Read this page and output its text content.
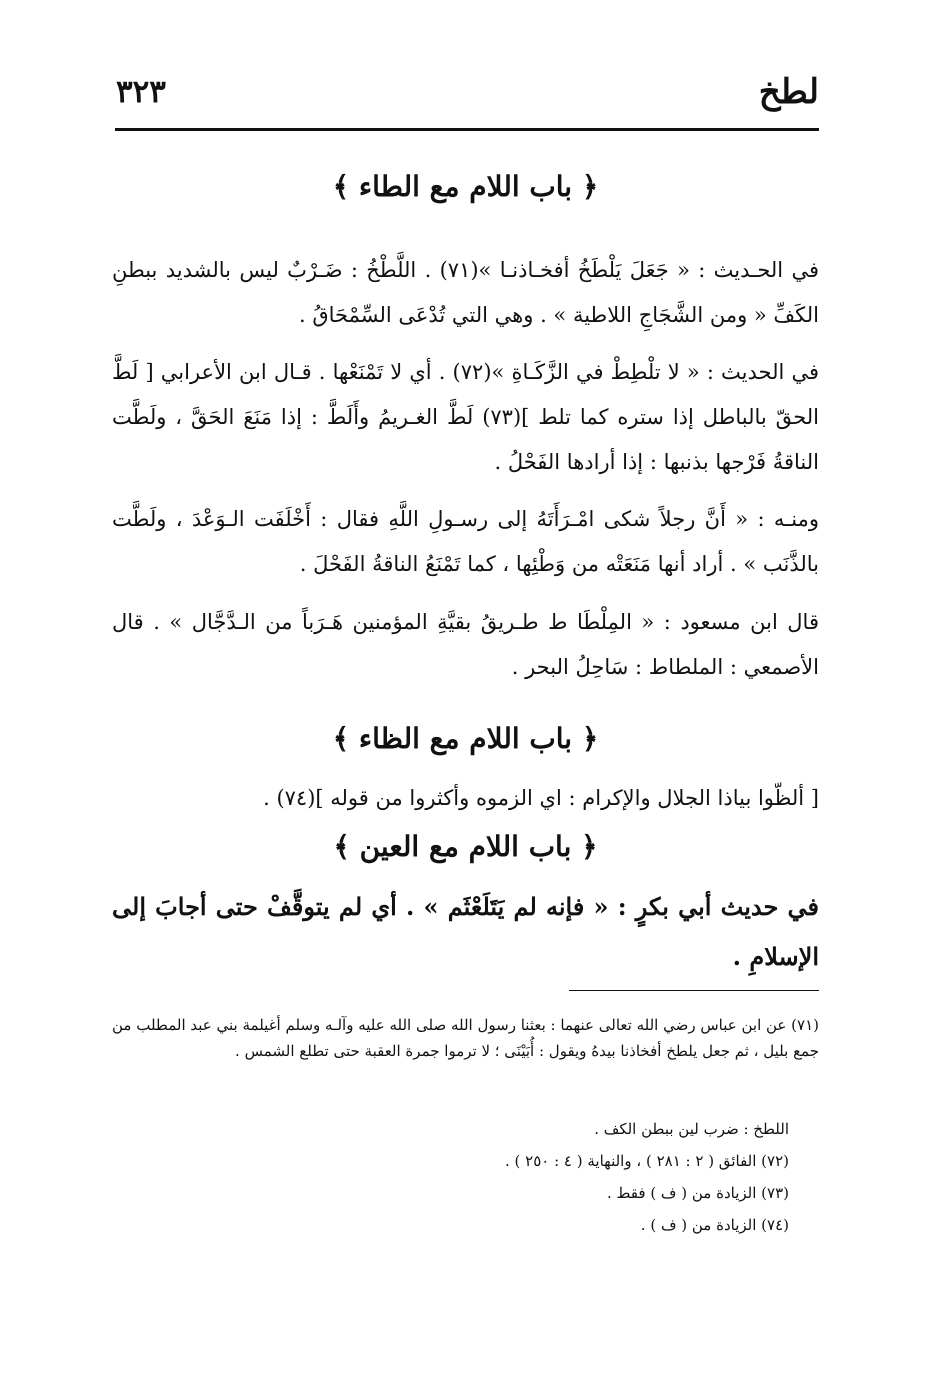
لطخ
٣٢٣
﴿ باب اللام مع الطاء ﴾

في الحـديث : « جَعَلَ يَلْطَخُ أفخـاذنـا »(٧١) . اللَّطْخُ : ضَـرْبٌ ليس بالشديد ببطنِ الكَفِّ « ومن الشَّجَاجِ اللاطية » . وهي التي تُدْعَى السِّمْحَاقُ .

في الحديث : « لا تلْطِطْ في الزَّكَـاةِ »(٧٢) . أي لا تَمْنَعْها . قـال ابن الأعرابي [ لَطَّ الحقّ بالباطل إذا ستره كما تلط ](٧٣) لَطَّ الغـريمُ وأَلَطَّ : إذا مَنَعَ الحَقَّ ، ولَطَّت الناقةُ فَرْجها بذنبها : إذا أرادها الفَحْلُ .

ومنـه : « أَنَّ رجلاً شكى امْـرَأَتَهُ إلى رسـولِ اللَّهِ فقال : أَخْلَفَت الـوَعْدَ ، ولَطَّت بالذَّنَب » . أراد أنها مَنَعَتْه من وَطْئِها ، كما تَمْنَعُ الناقةُ الفَحْلَ .

قال ابن مسعود : « المِلْطَا ط طـريقُ بقيَّةِ المؤمنين هَـرَباً من الـدَّجَّال » . قال الأصمعي : الملطاط : سَاحِلُ البحر .

﴿ باب اللام مع الظاء ﴾

[ ألظّوا بياذا الجلال والإكرام : اي الزموه وأكثروا من قوله ](٧٤) .

﴿ باب اللام مع العين ﴾

في حديث أبي بكرٍ : « فإنه لم يَتَلَعْثَم » . أي لم يتوقَّفْ حتى أجابَ إلى الإسلامِ .

(٧١) عن ابن عباس رضي الله تعالى عنهما : بعثنا رسول الله صلى الله عليه وآلـه وسلم أغيلمة بني عبد المطلب من جمع بليل ، ثم جعل يلطخ أفخاذنا بيدهُ ويقول : أُبَيْنَى ؛ لا ترموا جمرة العقبة حتى تطلع الشمس .

اللطخ : ضرب لين ببطن الكف .

(٧٢) الفائق ( ٢ : ٢٨١ ) ، والنهاية ( ٤ : ٢٥٠ ) .

(٧٣) الزيادة من ( ف ) فقط .

(٧٤) الزيادة من ( ف ) .
